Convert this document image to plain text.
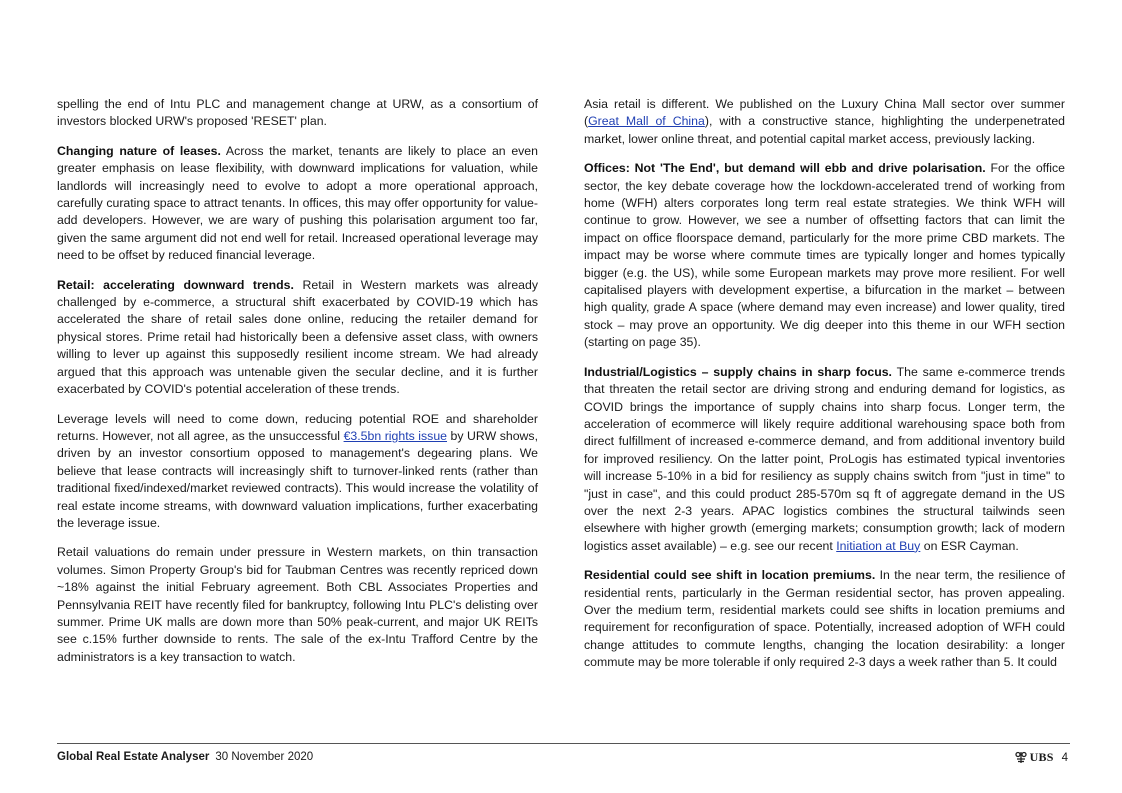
spelling the end of Intu PLC and management change at URW, as a consortium of investors blocked URW's proposed 'RESET' plan.

Changing nature of leases. Across the market, tenants are likely to place an even greater emphasis on lease flexibility, with downward implications for valuation, while landlords will increasingly need to evolve to adopt a more operational approach, carefully curating space to attract tenants. In offices, this may offer opportunity for value-add developers. However, we are wary of pushing this polarisation argument too far, given the same argument did not end well for retail. Increased operational leverage may need to be offset by reduced financial leverage.

Retail: accelerating downward trends. Retail in Western markets was already challenged by e-commerce, a structural shift exacerbated by COVID-19 which has accelerated the share of retail sales done online, reducing the retailer demand for physical stores. Prime retail had historically been a defensive asset class, with owners willing to lever up against this supposedly resilient income stream. We had already argued that this approach was untenable given the secular decline, and it is further exacerbated by COVID's potential acceleration of these trends.

Leverage levels will need to come down, reducing potential ROE and shareholder returns. However, not all agree, as the unsuccessful €3.5bn rights issue by URW shows, driven by an investor consortium opposed to management's degearing plans. We believe that lease contracts will increasingly shift to turnover-linked rents (rather than traditional fixed/indexed/market reviewed contracts). This would increase the volatility of real estate income streams, with downward valuation implications, further exacerbating the leverage issue.

Retail valuations do remain under pressure in Western markets, on thin transaction volumes. Simon Property Group's bid for Taubman Centres was recently repriced down ~18% against the initial February agreement. Both CBL Associates Properties and Pennsylvania REIT have recently filed for bankruptcy, following Intu PLC's delisting over summer. Prime UK malls are down more than 50% peak-current, and major UK REITs see c.15% further downside to rents. The sale of the ex-Intu Trafford Centre by the administrators is a key transaction to watch.

Asia retail is different. We published on the Luxury China Mall sector over summer (Great Mall of China), with a constructive stance, highlighting the underpenetrated market, lower online threat, and potential capital market access, previously lacking.

Offices: Not 'The End', but demand will ebb and drive polarisation. For the office sector, the key debate coverage how the lockdown-accelerated trend of working from home (WFH) alters corporates long term real estate strategies. We think WFH will continue to grow. However, we see a number of offsetting factors that can limit the impact on office floorspace demand, particularly for the more prime CBD markets. The impact may be worse where commute times are typically longer and homes typically bigger (e.g. the US), while some European markets may prove more resilient. For well capitalised players with development expertise, a bifurcation in the market – between high quality, grade A space (where demand may even increase) and lower quality, tired stock – may prove an opportunity. We dig deeper into this theme in our WFH section (starting on page 35).

Industrial/Logistics – supply chains in sharp focus. The same e-commerce trends that threaten the retail sector are driving strong and enduring demand for logistics, as COVID brings the importance of supply chains into sharp focus. Longer term, the acceleration of ecommerce will likely require additional warehousing space both from direct fulfillment of increased e-commerce demand, and from additional inventory build for improved resiliency. On the latter point, ProLogis has estimated typical inventories will increase 5-10% in a bid for resiliency as supply chains switch from "just in time" to "just in case", and this could product 285-570m sq ft of aggregate demand in the US over the next 2-3 years. APAC logistics combines the structural tailwinds seen elsewhere with higher growth (emerging markets; consumption growth; lack of modern logistics asset available) – e.g. see our recent Initiation at Buy on ESR Cayman.

Residential could see shift in location premiums. In the near term, the resilience of residential rents, particularly in the German residential sector, has proven appealing. Over the medium term, residential markets could see shifts in location premiums and requirement for reconfiguration of space. Potentially, increased adoption of WFH could change attitudes to commute lengths, changing the location desirability: a longer commute may be more tolerable if only required 2-3 days a week rather than 5. It could

Global Real Estate Analyser 30 November 2020	UBS 4
